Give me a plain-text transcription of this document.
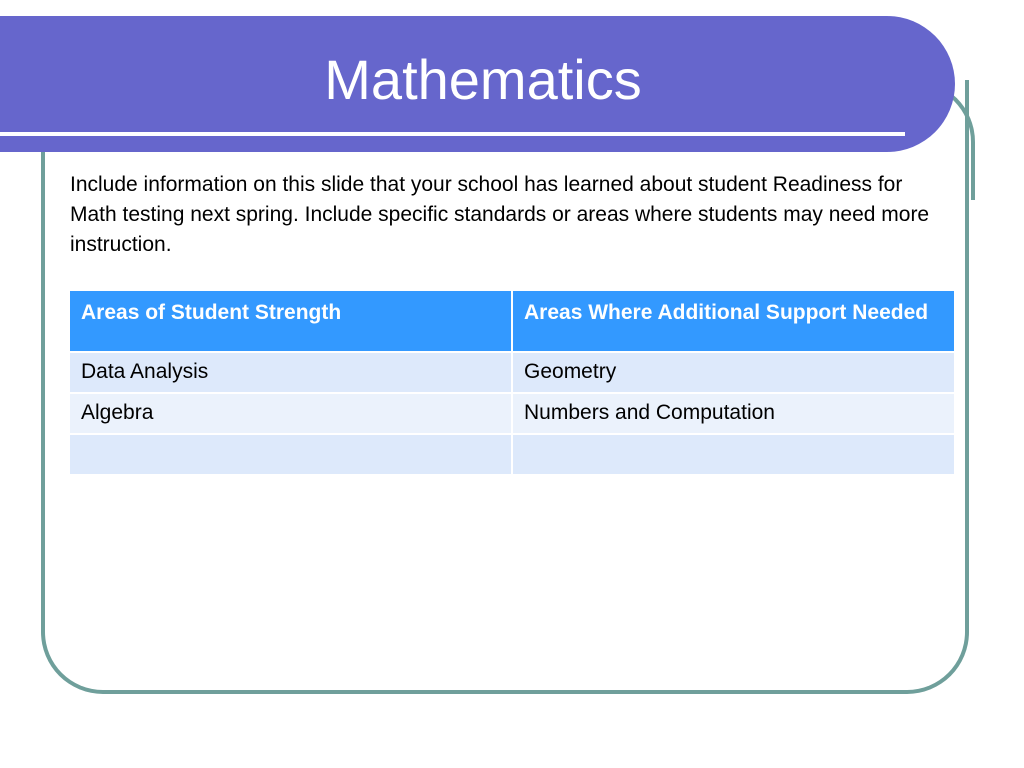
Mathematics
Include information on this slide that your school has learned about student Readiness for Math testing next spring. Include specific standards or areas where students may need more instruction.
Areas of Student Strength	Areas Where Additional Support Needed
Data Analysis	Geometry
Algebra	Numbers and Computation
